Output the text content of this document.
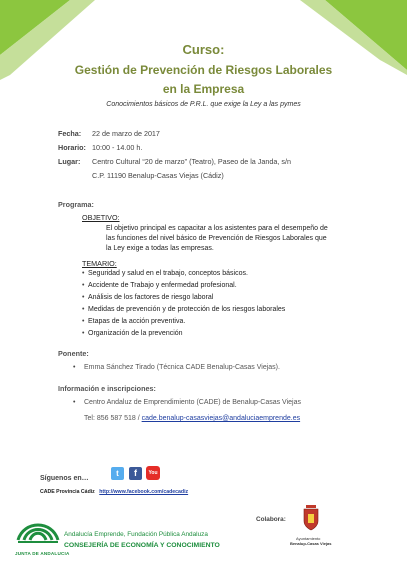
Curso:
Gestión de Prevención de Riesgos Laborales
en la Empresa
Conocimientos básicos de P.R.L. que exige la Ley a las pymes
Fecha: 22 de marzo de 2017
Horario: 10:00 - 14.00 h.
Lugar: Centro Cultural “20 de marzo” (Teatro), Paseo de la Janda, s/n
C.P. 11190 Benalup-Casas Viejas (Cádiz)
Programa:
OBJETIVO:
El objetivo principal es capacitar a los asistentes para el desempeño de
las funciones del nivel básico de Prevención de Riesgos Laborales que
la Ley exige a todas las empresas.
TEMARIO:
• Seguridad y salud en el trabajo, conceptos básicos.
• Accidente de Trabajo y enfermedad profesional.
• Análisis de los factores de riesgo laboral
• Medidas de prevención y de protección de los riesgos laborales
• Etapas de la acción preventiva.
• Organización de la prevención
Ponente:
• Emma Sánchez Tirado (Técnica CADE Benalup-Casas Viejas).
Información e inscripciones:
• Centro Andaluz de Emprendimiento (CADE) de Benalup-Casas Viejas
Tel: 856 587 518 / cade.benalup-casasviejas@andaluciaemprende.es
Síguenos en…
t	f	You
CADE Provincia Cádiz http://www.facebook.com/cadecadiz
JUNTA DE ANDALUCIA
Andalucía Emprende, Fundación Pública Andaluza
CONSEJERÍA DE ECONOMÍA Y CONOCIMIENTO
Colabora:
Ayuntamiento
Benalup-Casas Viejas
